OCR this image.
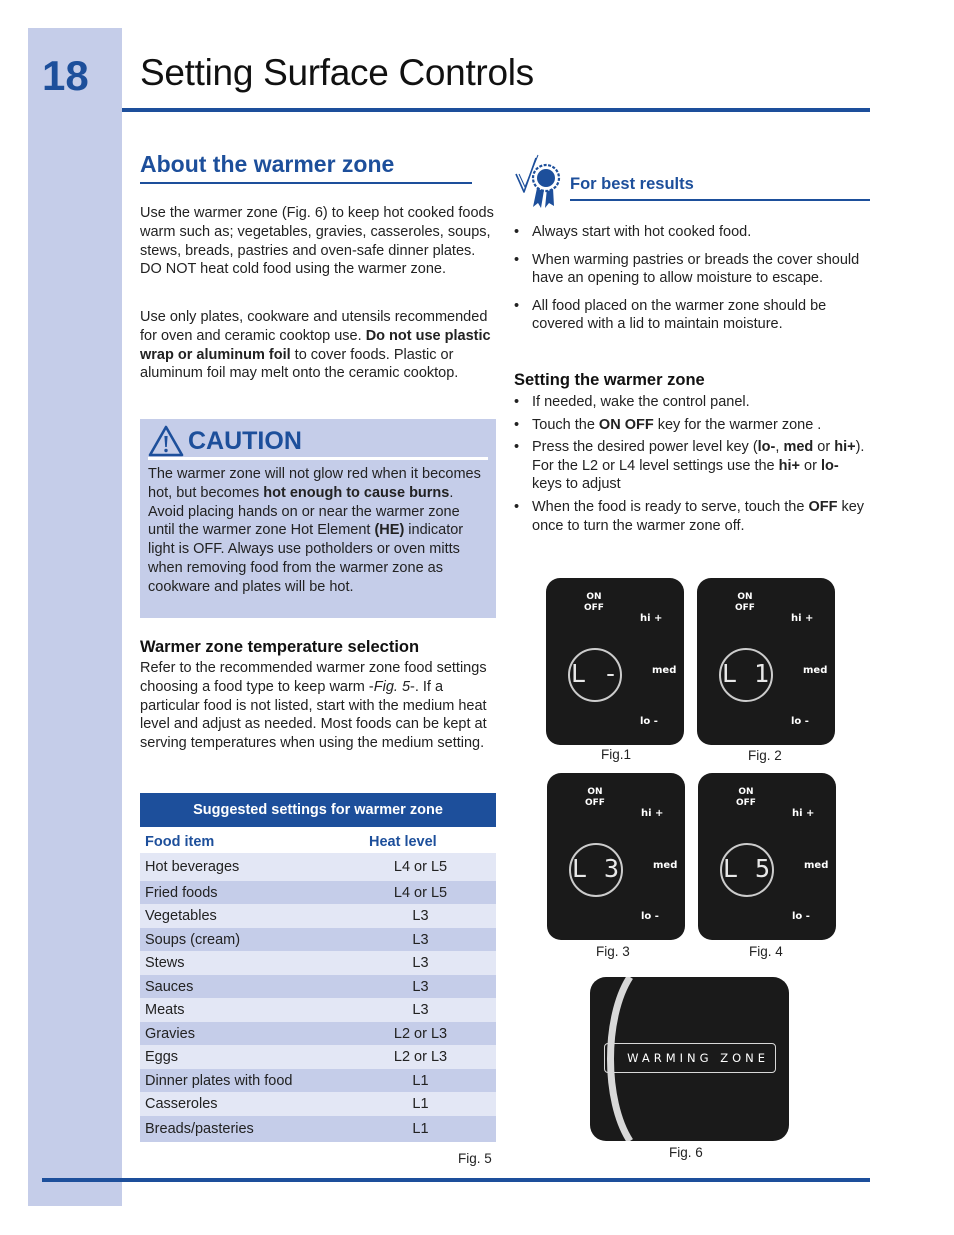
18 Setting Surface Controls
About the warmer zone

Use the warmer zone (Fig. 6) to keep hot cooked foods warm such as; vegetables, gravies, casseroles, soups, stews, breads, pastries and oven-safe dinner plates. DO NOT heat cold food using the warmer zone.

Use only plates, cookware and utensils recommended for oven and ceramic cooktop use. Do not use plastic wrap or aluminum foil to cover foods. Plastic or aluminum foil may melt onto the ceramic cooktop.

CAUTION

The warmer zone will not glow red when it becomes hot, but becomes hot enough to cause burns. Avoid placing hands on or near the warmer zone until the warmer zone Hot Element (HE) indicator light is OFF. Always use potholders or oven mitts when removing food from the warmer zone as cookware and plates will be hot.

Warmer zone temperature selection

Refer to the recommended warmer zone food settings choosing a food type to keep warm -Fig. 5-. If a particular food is not listed, start with the medium heat level and adjust as needed. Most foods can be kept at serving temperatures when using the medium setting.

Suggested settings for warmer zone
Food item	Heat level
Hot beverages	L4 or L5
Fried foods	L4 or L5
Vegetables	L3
Soups (cream)	L3
Stews	L3
Sauces	L3
Meats	L3
Gravies	L2 or L3
Eggs	L2 or L3
Dinner plates with food	L1
Casseroles	L1
Breads/pasteries	L1
Fig. 5
For best results
• Always start with hot cooked food.
• When warming pastries or breads the cover should have an opening to allow moisture to escape.
• All food placed on the warmer zone should be covered with a lid to maintain moisture.
Setting the warmer zone
• If needed, wake the control panel.
• Touch the ON OFF key for the warmer zone .
• Press the desired power level key (lo-, med or hi+). For the L2 or L4 level settings use the hi+ or lo- keys to adjust
• When the food is ready to serve, touch the OFF key once to turn the warmer zone off.
ON
OFF
hi +
med
lo -
L -
Fig.1
ON
OFF
hi +
med
lo -
L 1
Fig. 2
ON
OFF
hi +
med
lo -
L 3
Fig. 3
ON
OFF
hi +
med
lo -
L 5
Fig. 4
WARMING ZONE
Fig. 6
